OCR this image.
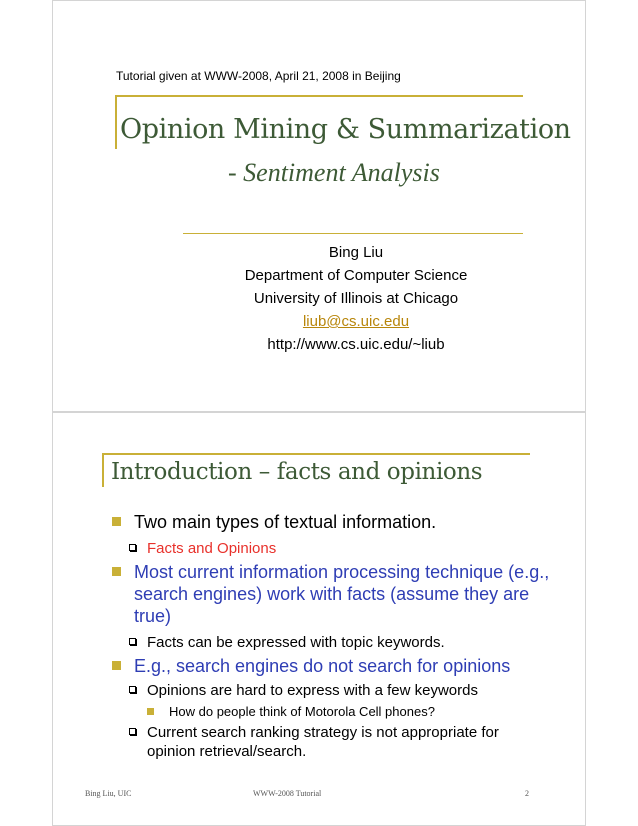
Tutorial given at WWW-2008, April 21, 2008 in Beijing
Opinion Mining & Summarization
- Sentiment Analysis
Bing Liu
Department of Computer Science
University of Illinois at Chicago
liub@cs.uic.edu
http://www.cs.uic.edu/~liub
Introduction – facts and opinions
Two main types of textual information.
Facts and Opinions
Most current information processing technique (e.g., search engines) work with facts (assume they are true)
Facts can be expressed with topic keywords.
E.g., search engines do not search for opinions
Opinions are hard to express with a few keywords
How do people think of Motorola Cell phones?
Current search ranking strategy is not appropriate for opinion retrieval/search.
Bing Liu, UIC	WWW-2008 Tutorial	2
